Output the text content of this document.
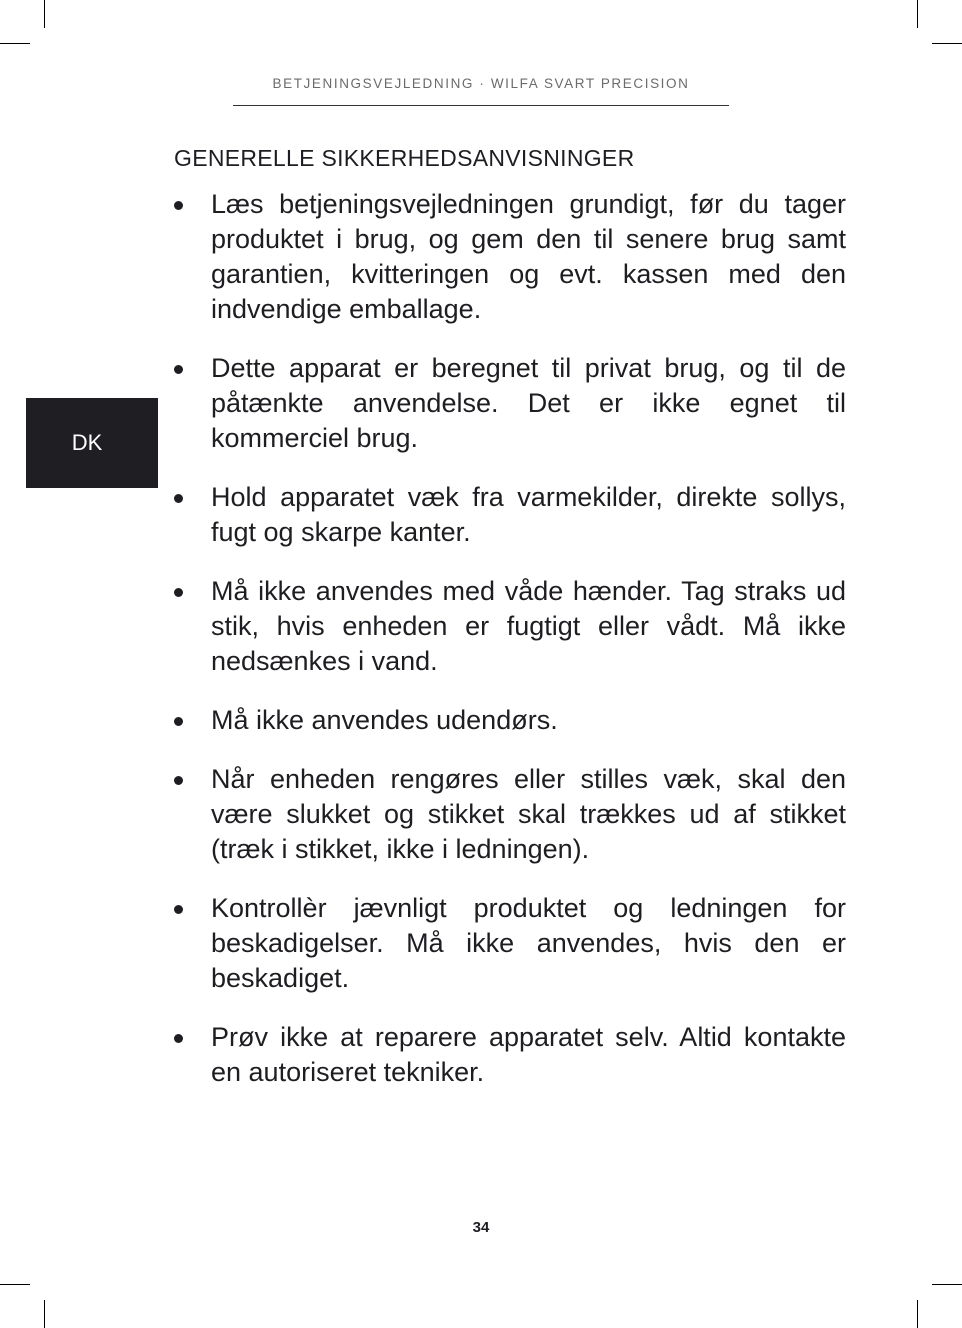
BETJENINGSVEJLEDNING · WILFA SVART PRECISION
DK
GENERELLE SIKKERHEDSANVISNINGER
Læs betjeningsvejledningen grundigt, før du tager produktet i brug, og gem den til senere brug samt garantien, kvitteringen og evt. kassen med den indvendige emballage.
Dette apparat er beregnet til privat brug, og til de påtænkte anvendelse. Det er ikke egnet til kommerciel brug.
Hold apparatet væk fra varmekilder, direkte sollys, fugt og skarpe kanter.
Må ikke anvendes med våde hænder. Tag straks ud stik, hvis enheden er fugtigt eller vådt. Må ikke nedsænkes i vand.
Må ikke anvendes udendørs.
Når enheden rengøres eller stilles væk, skal den være slukket og stikket skal trækkes ud af stikket (træk i stikket, ikke i ledningen).
Kontrollèr jævnligt produktet og ledningen for beskadigelser. Må ikke anvendes, hvis den er beskadiget.
Prøv ikke at reparere apparatet selv. Altid kontakte en autoriseret tekniker.
34
